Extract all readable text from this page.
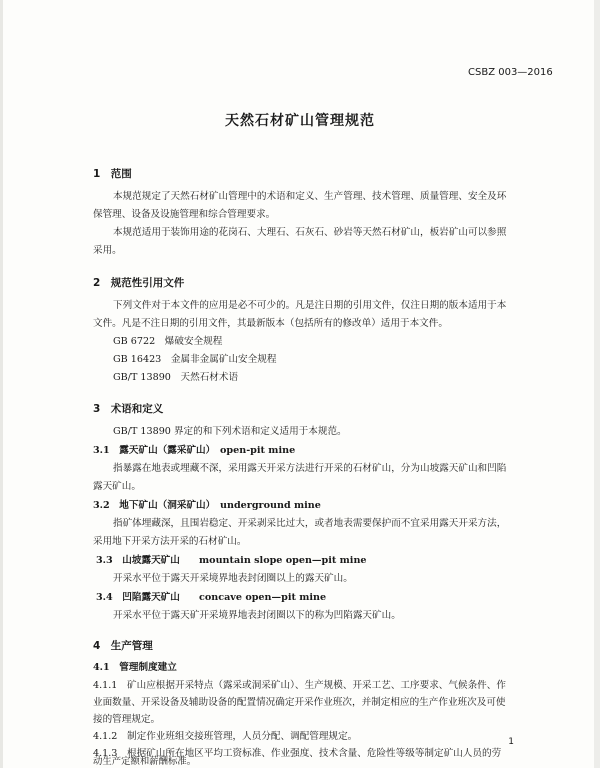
CSBZ 003—2016
天然石材矿山管理规范
1　范围
本规范规定了天然石材矿山管理中的术语和定义、生产管理、技术管理、质量管理、安全及环
保管理、设备及设施管理和综合管理要求。
本规范适用于装饰用途的花岗石、大理石、石灰石、砂岩等天然石材矿山，板岩矿山可以参照
采用。
2　规范性引用文件
下列文件对于本文件的应用是必不可少的。凡是注日期的引用文件，仅注日期的版本适用于本
文件。凡是不注日期的引用文件，其最新版本（包括所有的修改单）适用于本文件。
GB 6722　爆破安全规程
GB 16423　金属非金属矿山安全规程
GB/T 13890　天然石材术语
3　术语和定义
GB/T 13890 界定的和下列术语和定义适用于本规范。
3.1　露天矿山（露采矿山）　open-pit mine
指暴露在地表或埋藏不深，采用露天开采方法进行开采的石材矿山，分为山坡露天矿山和凹陷
露天矿山。
3.2　地下矿山（洞采矿山）　underground mine
指矿体埋藏深，且围岩稳定、开采剥采比过大，或者地表需要保护而不宜采用露天开采方法，
采用地下开采方法开采的石材矿山。
3.3　山坡露天矿山　　mountain slope open—pit mine
开采水平位于露天开采境界地表封闭圈以上的露天矿山。
3.4　凹陷露天矿山　　concave open—pit mine
开采水平位于露天矿开采境界地表封闭圈以下的称为凹陷露天矿山。
4　生产管理
4.1　管理制度建立
4.1.1　矿山应根据开采特点（露采或洞采矿山）、生产规模、开采工艺、工序要求、气候条件、作
业面数量、开采设备及辅助设备的配置情况确定开采作业班次，并制定相应的生产作业班次及可使
接的管理规定。
4.1.2　制定作业班组交接班管理，人员分配、调配管理规定。
4.1.3　根据矿山所在地区平均工资标准、作业强度、技术含量、危险性等级等制定矿山人员的劳
动生产定额和薪酬标准。
1
